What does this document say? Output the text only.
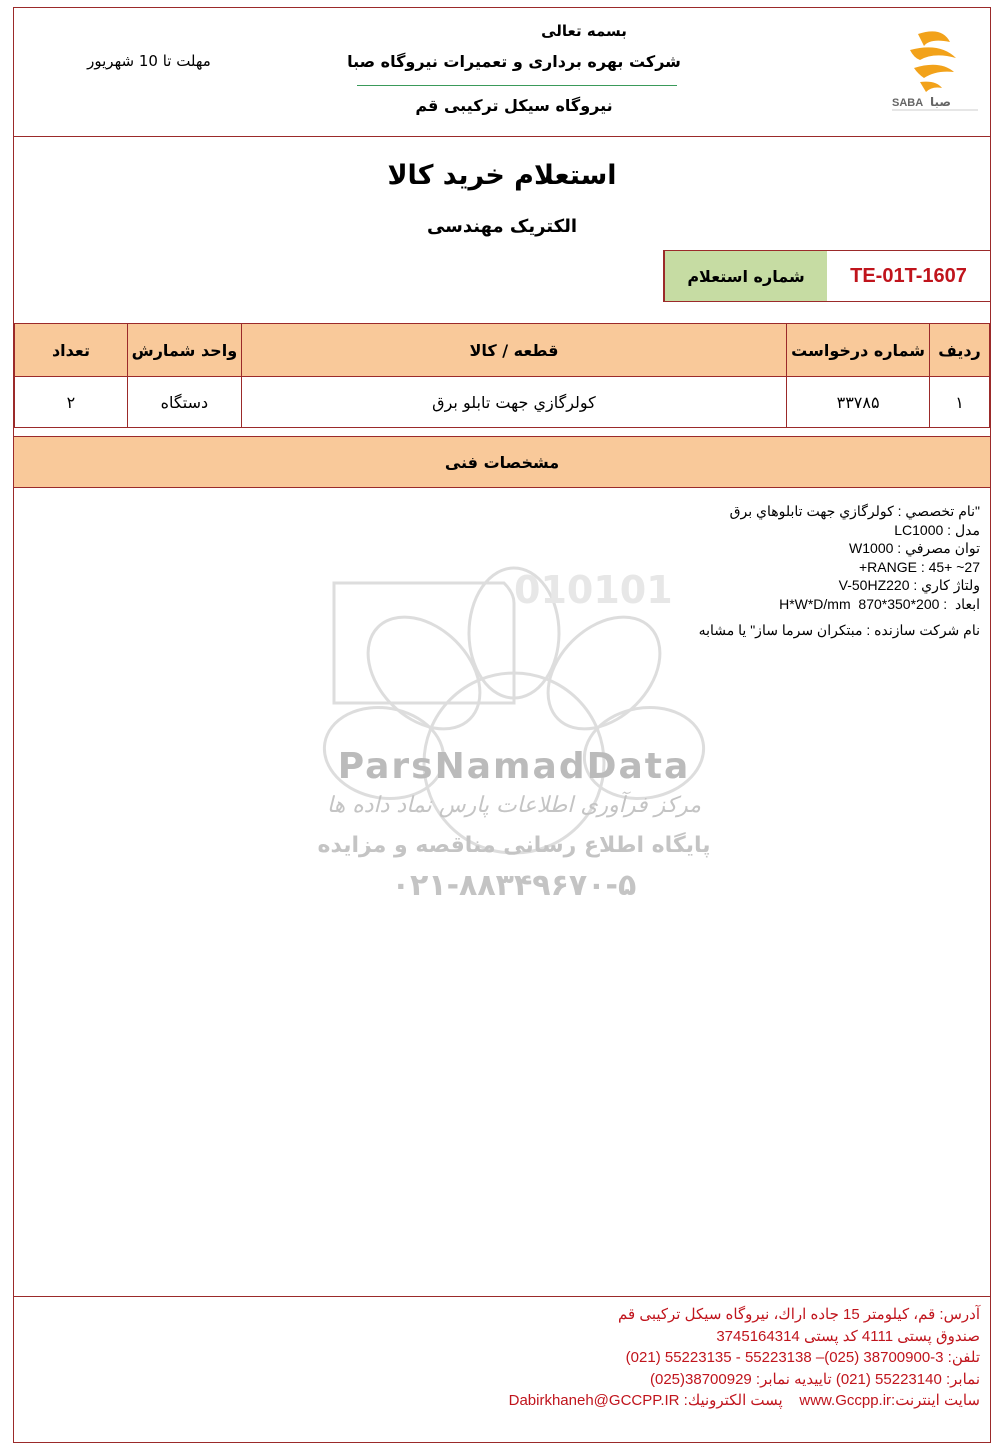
بسمه تعالی
شرکت بهره برداری و تعمیرات نیروگاه صبا
نیروگاه سیکل ترکیبی قم
مهلت تا 10 شهریور
SABA صبا
استعلام خرید کالا
الکتریک مهندسی
شماره استعلام	TE-01T-1607
ردیف	شماره درخواست	قطعه / کالا	واحد شمارش	تعداد
۱	۳۳۷۸۵	كولرگازي جهت تابلو برق	دستگاه	۲
مشخصات فنی
010101
ParsNamadData
مرکز فرآوری اطلاعات پارس نماد داده ها
پایگاه اطلاع رسانی مناقصه و مزایده
۰۲۱-۸۸۳۴۹۶۷۰-۵
"نام تخصصي : كولرگازي جهت تابلوهاي برق
مدل : LC1000
توان مصرفي : W1000
RANGE : 45+ ~27+
ولتاژ كاري : V-50HZ220
ابعاد  : 200*350*870  H*W*D/mm
نام شركت سازنده : مبتكران سرما ساز" یا مشابه
آدرس: قم، کیلومتر 15 جاده اراك، نیروگاه سیکل ترکیبی قم
صندوق پستی 4111 کد پستی 3745164314
تلفن: 3-38700900 (025)– 55223138 - 55223135 (021)
نمابر: 55223140 (021) تاییدیه نمابر: 38700929(025)
سایت اینترنت:www.Gccpp.ir    پست الکترونیك: Dabirkhaneh@GCCPP.IR
